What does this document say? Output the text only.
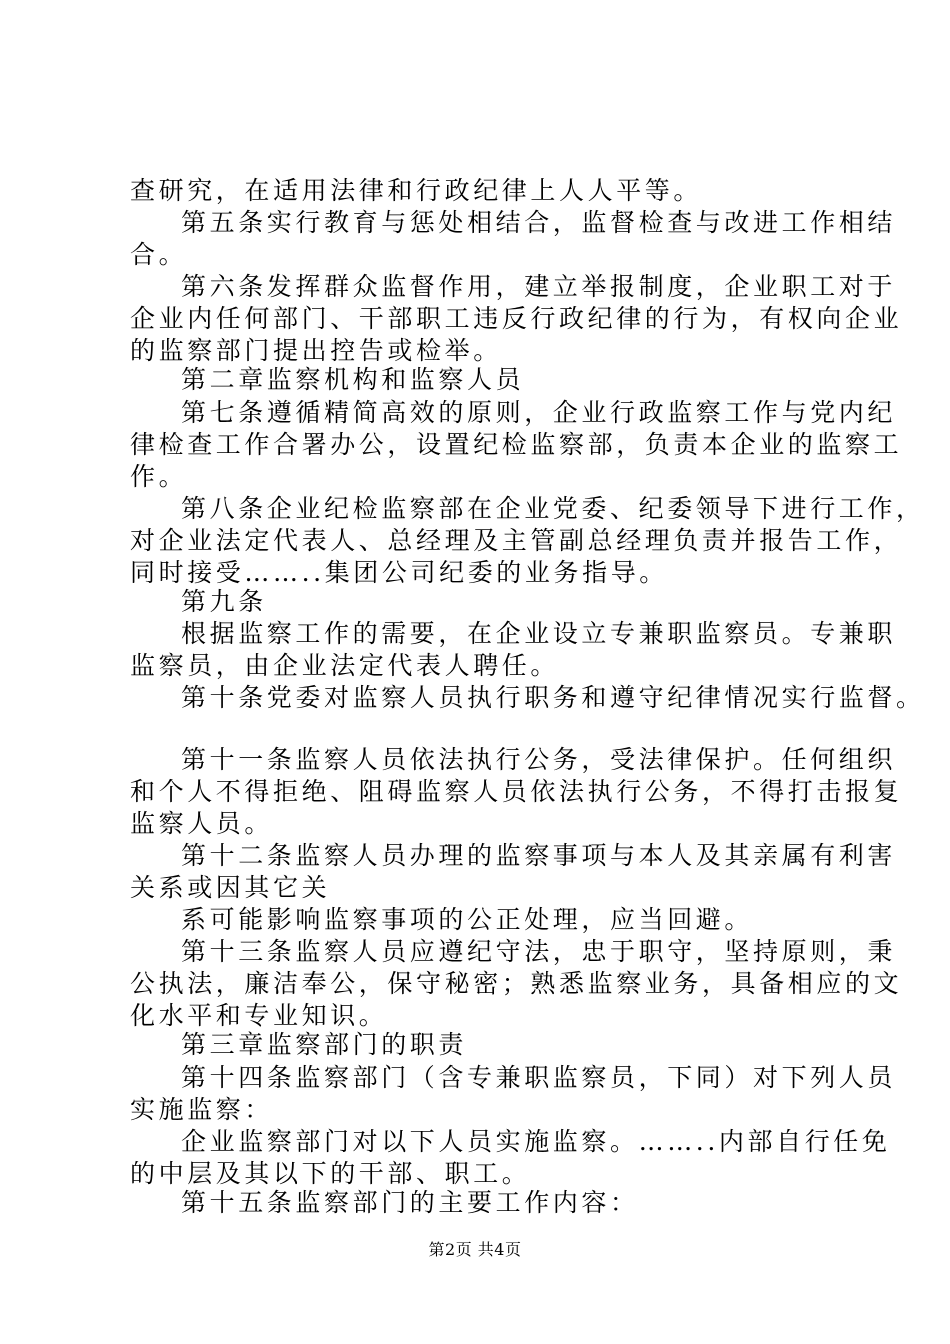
查研究，在适用法律和行政纪律上人人平等。
第五条实行教育与惩处相结合，监督检查与改进工作相结
合。
第六条发挥群众监督作用，建立举报制度，企业职工对于
企业内任何部门、干部职工违反行政纪律的行为，有权向企业
的监察部门提出控告或检举。
第二章监察机构和监察人员
第七条遵循精简高效的原则，企业行政监察工作与党内纪
律检查工作合署办公，设置纪检监察部，负责本企业的监察工
作。
第八条企业纪检监察部在企业党委、纪委领导下进行工作，
对企业法定代表人、总经理及主管副总经理负责并报告工作，
同时接受……..集团公司纪委的业务指导。
第九条
根据监察工作的需要，在企业设立专兼职监察员。专兼职
监察员，由企业法定代表人聘任。
第十条党委对监察人员执行职务和遵守纪律情况实行监督。
第十一条监察人员依法执行公务，受法律保护。任何组织
和个人不得拒绝、阻碍监察人员依法执行公务，不得打击报复
监察人员。
第十二条监察人员办理的监察事项与本人及其亲属有利害
关系或因其它关
系可能影响监察事项的公正处理，应当回避。
第十三条监察人员应遵纪守法，忠于职守，坚持原则，秉
公执法，廉洁奉公，保守秘密；熟悉监察业务，具备相应的文
化水平和专业知识。
第三章监察部门的职责
第十四条监察部门（含专兼职监察员，下同）对下列人员
实施监察：
企业监察部门对以下人员实施监察。……..内部自行任免
的中层及其以下的干部、职工。
第十五条监察部门的主要工作内容：
第2页 共4页
